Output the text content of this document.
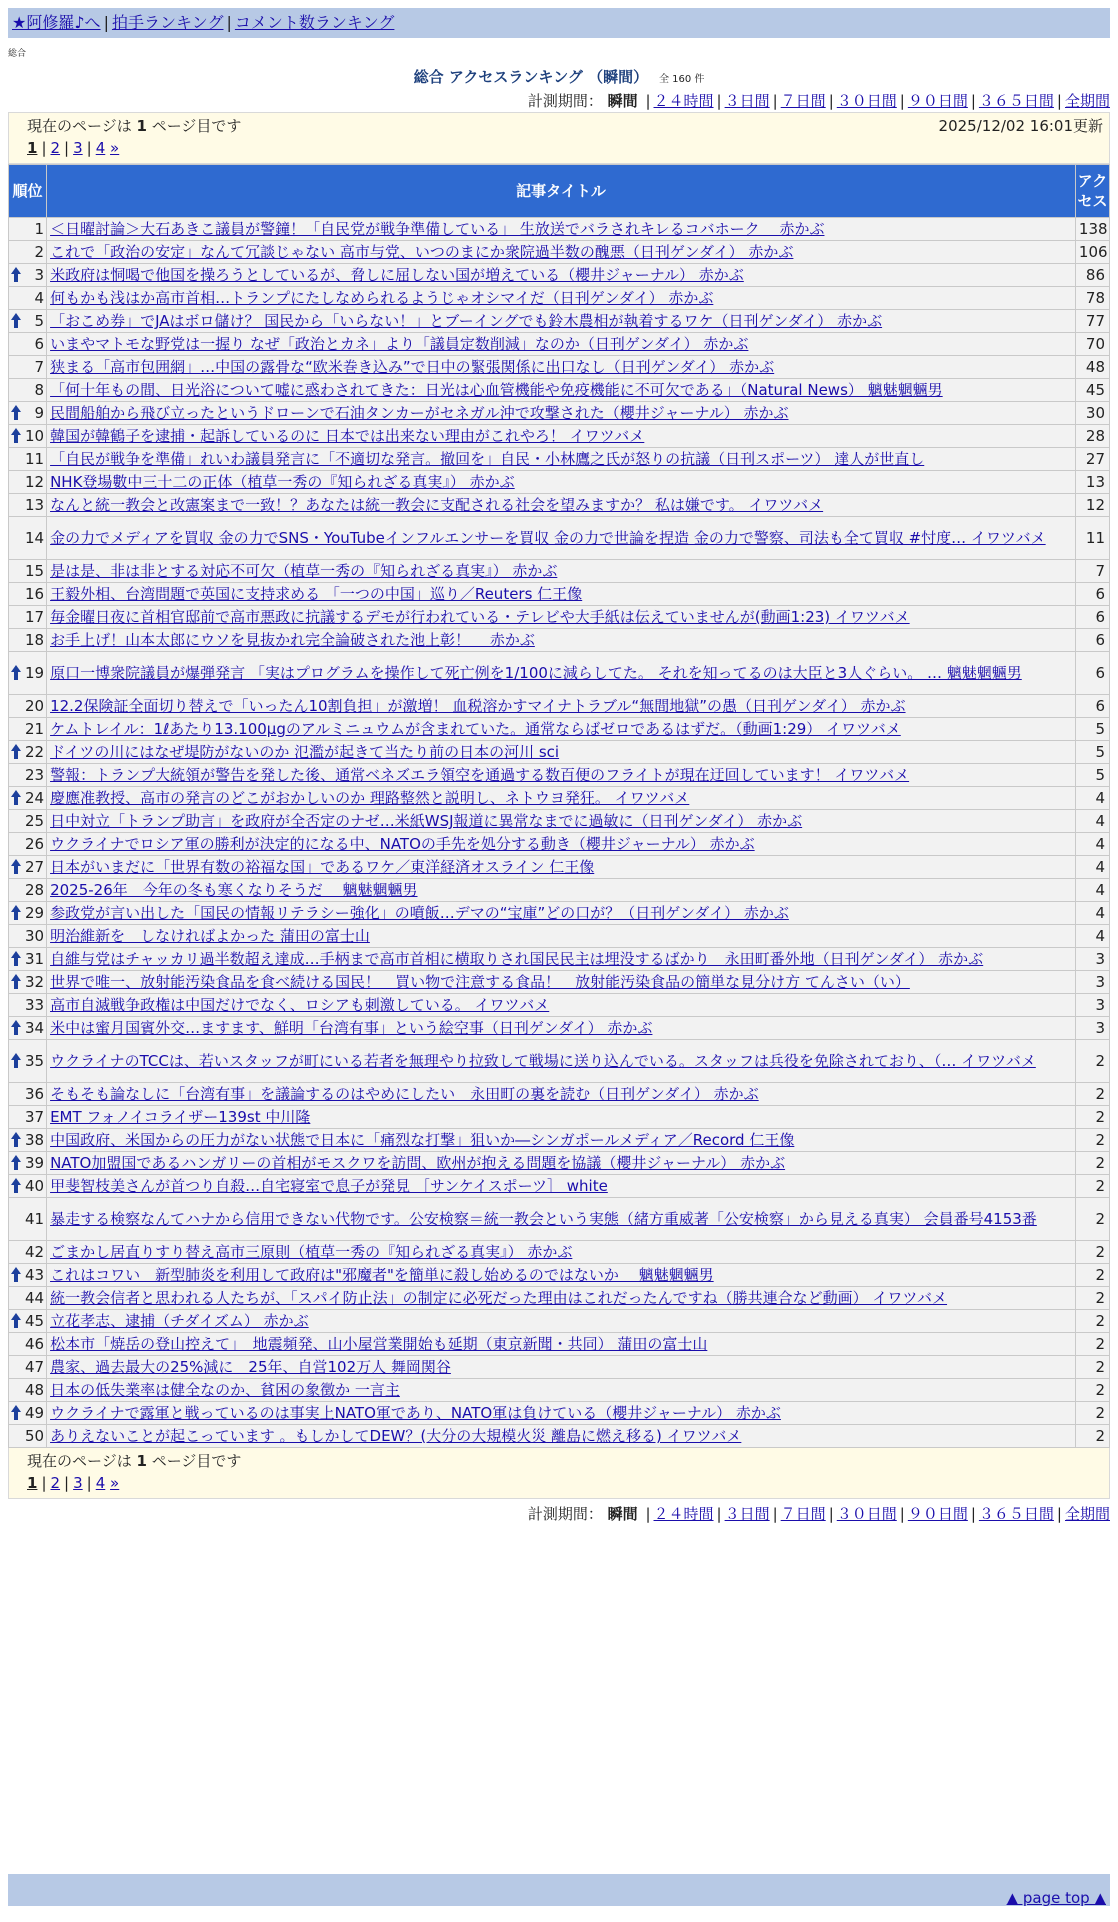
★阿修羅♪へ | 拍手ランキング | コメント数ランキング
総合
総合 アクセスランキング （瞬間） 全 160 件
計測期間： 瞬間 | ２４時間 | ３日間 | ７日間 | ３０日間 | ９０日間 | ３６５日間 | 全期間
現在のページは 1 ページ目です	2025/12/02 16:01更新
1 | 2 | 3 | 4 »
順位	記事タイトル	アクセス
1	＜日曜討論＞大石あきこ議員が警鐘！「自民党が戦争準備している」 生放送でバラされキレるコバホーク　 赤かぶ	138
2	これで「政治の安定」なんて冗談じゃない 高市与党、いつのまにか衆院過半数の醜悪（日刊ゲンダイ） 赤かぶ	106

3	米政府は恫喝で他国を操ろうとしているが、脅しに屈しない国が増えている（櫻井ジャーナル） 赤かぶ	86
4	何もかも浅はか高市首相…トランプにたしなめられるようじゃオシマイだ（日刊ゲンダイ） 赤かぶ	78

5	「おこめ券」でJAはボロ儲け？ 国民から「いらない！」とブーイングでも鈴木農相が執着するワケ（日刊ゲンダイ） 赤かぶ	77
6	いまやマトモな野党は一握り なぜ「政治とカネ」より「議員定数削減」なのか（日刊ゲンダイ） 赤かぶ	70
7	狭まる「高市包囲網」…中国の露骨な“欧米巻き込み”で日中の緊張関係に出口なし（日刊ゲンダイ） 赤かぶ	48
8	「何十年もの間、日光浴について嘘に惑わされてきた：日光は心血管機能や免疫機能に不可欠である」（Natural News） 魑魅魍魎男	45

9	民間船舶から飛び立ったというドローンで石油タンカーがセネガル沖で攻撃された（櫻井ジャーナル） 赤かぶ	30

10	韓国が韓鶴子を逮捕・起訴しているのに 日本では出来ない理由がこれやろ！ イワツバメ	28
11	「自民が戦争を準備」れいわ議員発言に「不適切な発言。撤回を」自民・小林鷹之氏が怒りの抗議（日刊スポーツ） 達人が世直し	27
12	NHK登場數中三十二の正体（植草一秀の『知られざる真実』） 赤かぶ	13
13	なんと統一教会と改憲案まで一致！？あなたは統一教会に支配される社会を望みますか？ 私は嫌です。 イワツバメ	12
14	金の力でメディアを買収 金の力でSNS・YouTubeインフルエンサーを買収 金の力で世論を捏造 金の力で警察、司法も全て買収 #忖度… イワツバメ	11
15	是は是、非は非とする対応不可欠（植草一秀の『知られざる真実』） 赤かぶ	7
16	王毅外相、台湾問題で英国に支持求める 「一つの中国」巡り／Reuters 仁王像	6
17	毎金曜日夜に首相官邸前で高市悪政に抗議するデモが行われている・テレビや大手紙は伝えていませんが(動画1:23) イワツバメ	6
18	お手上げ！山本太郎にウソを見抜かれ完全論破された池上彰！　 赤かぶ	6

19	原口一博衆院議員が爆弾発言 「実はプログラムを操作して死亡例を1/100に減らしてた。 それを知ってるのは大臣と3人ぐらい。 … 魑魅魍魎男	6
20	12.2保険証全面切り替えで「いったん10割負担」が激増！ 血税溶かすマイナトラブル“無間地獄”の愚（日刊ゲンダイ） 赤かぶ	6
21	ケムトレイル：1ℓあたり13.100μgのアルミニュウムが含まれていた。通常ならばゼロであるはずだ。（動画1:29） イワツバメ	5

22	ドイツの川にはなぜ堤防がないのか 氾濫が起きて当たり前の日本の河川 sci	5
23	警報：トランプ大統領が警告を発した後、通常ベネズエラ領空を通過する数百便のフライトが現在迂回しています！ イワツバメ	5

24	慶應准教授、高市の発言のどこがおかしいのか 理路整然と説明し、ネトウヨ発狂。 イワツバメ	4
25	日中対立「トランプ助言」を政府が全否定のナゼ…米紙WSJ報道に異常なまでに過敏に（日刊ゲンダイ） 赤かぶ	4
26	ウクライナでロシア軍の勝利が決定的になる中、NATOの手先を処分する動き（櫻井ジャーナル） 赤かぶ	4

27	日本がいまだに「世界有数の裕福な国」であるワケ／東洋経済オスライン 仁王像	4
28	2025-26年　今年の冬も寒くなりそうだ　 魑魅魍魎男	4

29	参政党が言い出した「国民の情報リテラシー強化」の噴飯…デマの“宝庫”どの口が？（日刊ゲンダイ） 赤かぶ	4
30	明治維新を　しなければよかった 蒲田の富士山	4

31	自維与党はチャッカリ過半数超え達成…手柄まで高市首相に横取りされ国民民主は埋没するばかり　永田町番外地（日刊ゲンダイ） 赤かぶ	3

32	世界で唯一、放射能汚染食品を食べ続ける国民！　買い物で注意する食品！　放射能汚染食品の簡単な見分け方 てんさい（い）	3
33	高市自滅戦争政権は中国だけでなく、ロシアも刺激している。 イワツバメ	3

34	米中は蜜月国賓外交…ますます、鮮明「台湾有事」という絵空事（日刊ゲンダイ） 赤かぶ	3

35	ウクライナのTCCは、若いスタッフが町にいる若者を無理やり拉致して戦場に送り込んでいる。スタッフは兵役を免除されており、（… イワツバメ	2
36	そもそも論なしに「台湾有事」を議論するのはやめにしたい　永田町の裏を読む（日刊ゲンダイ） 赤かぶ	2
37	EMT フォノイコライザー139st 中川隆	2

38	中国政府、米国からの圧力がない状態で日本に「痛烈な打撃」狙いか―シンガポールメディア／Record 仁王像	2

39	NATO加盟国であるハンガリーの首相がモスクワを訪問、欧州が抱える問題を協議（櫻井ジャーナル） 赤かぶ	2

40	甲斐智枝美さんが首つり自殺…自宅寝室で息子が発見 ［サンケイスポーツ］ white	2
41	暴走する検察なんてハナから信用できない代物です。公安検察＝統一教会という実態（緒方重威著「公安検察」から見える真実） 会員番号4153番	2
42	ごまかし居直りすり替え高市三原則（植草一秀の『知られざる真実』） 赤かぶ	2

43	これはコワい　新型肺炎を利用して政府は"邪魔者"を簡単に殺し始めるのではないか　 魑魅魍魎男	2
44	統一教会信者と思われる人たちが、「スパイ防止法」の制定に必死だった理由はこれだったんですね（勝共連合など動画） イワツバメ	2

45	立花孝志、逮捕（チダイズム） 赤かぶ	2
46	松本市「焼岳の登山控えて」　地震頻発、山小屋営業開始も延期（東京新聞・共同） 蒲田の富士山	2
47	農家、過去最大の25%減に　25年、自営102万人 舞岡関谷	2
48	日本の低失業率は健全なのか、貧困の象徴か 一言主	2

49	ウクライナで露軍と戦っているのは事実上NATO軍であり、NATO軍は負けている（櫻井ジャーナル） 赤かぶ	2
50	ありえないことが起こっています 。もしかしてDEW？(大分の大規模火災 離島に燃え移る) イワツバメ	2
現在のページは 1 ページ目です
1 | 2 | 3 | 4 »
計測期間： 瞬間 | ２４時間 | ３日間 | ７日間 | ３０日間 | ９０日間 | ３６５日間 | 全期間
▲ page top ▲
